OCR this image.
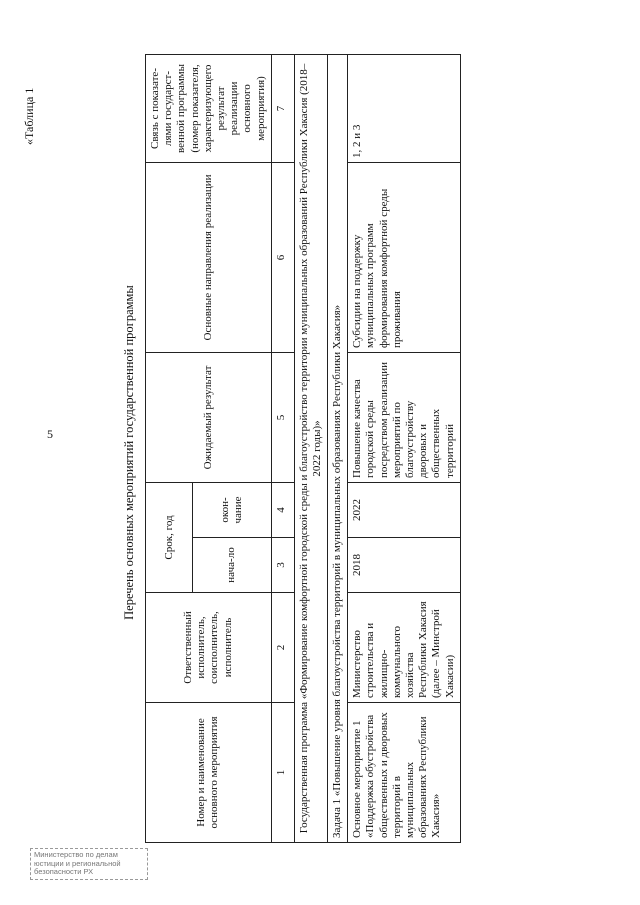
5
«Таблица 1
Перечень основных мероприятий государственной программы
Номер и наименование основного мероприятия	Ответственный исполнитель, соисполнитель, исполнитель	Срок, год		Ожидаемый результат	Основные направления реализации	Связь с показате-лями государст-венной программы (номер показателя, характеризующего результат реализации основного мероприятия)
		нача-ло	окон-чание			
1	2	3	4	5	6	7
Государственная программа «Формирование комфортной городской среды и благоустройство территории муниципальных образований Республики Хакасия (2018–2022 годы)»						
Задача 1 «Повышение уровня благоустройства территорий в муниципальных образованиях Республики Хакасия»						
Основное мероприятие 1 «Поддержка обустройства общественных и дворовых территорий в муниципальных образованиях Республики Хакасия»	Министерство строительства и жилищно-коммунального хозяйства Республики Хакасия (далее – Минстрой Хакасии)	2018	2022	Повышение качества городской среды посредством реализации мероприятий по благоустройству дворовых и общественных территорий	Субсидии на поддержку муниципальных программ формирования комфортной среды проживания	1, 2 и 3
Министерство по делам юстиции и региональной безопасности РХ
